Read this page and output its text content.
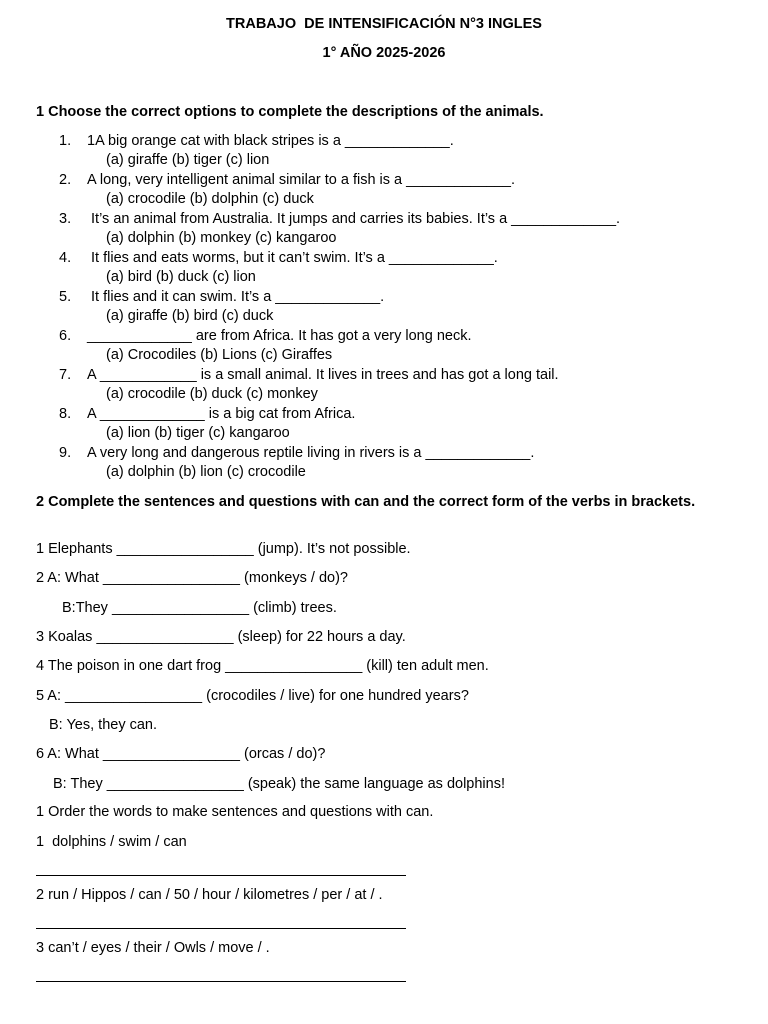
TRABAJO  DE INTENSIFICACIÓN N°3 INGLES
1° AÑO 2025-2026
1 Choose the correct options to complete the descriptions of the animals.
1.	1A big orange cat with black stripes is a _____________.
(a) giraffe (b) tiger (c) lion
2.	A long, very intelligent animal similar to a fish is a _____________.
(a) crocodile (b) dolphin (c) duck
3.	It’s an animal from Australia. It jumps and carries its babies. It’s a _____________.
(a) dolphin (b) monkey (c) kangaroo
4.	It flies and eats worms, but it can’t swim. It’s a _____________.
(a) bird (b) duck (c) lion
5.	It flies and it can swim. It’s a _____________.
(a) giraffe (b) bird (c) duck
6.	_____________ are from Africa. It has got a very long neck.
(a) Crocodiles (b) Lions (c) Giraffes
7.	A ____________ is a small animal. It lives in trees and has got a long tail.
(a) crocodile (b) duck (c) monkey
8.	A _____________ is a big cat from Africa.
(a) lion (b) tiger (c) kangaroo
9.	A very long and dangerous reptile living in rivers is a _____________.
(a) dolphin (b) lion (c) crocodile
2 Complete the sentences and questions with can and the correct form of the verbs in brackets.
1 Elephants _________________ (jump). It’s not possible.
2 A: What _________________ (monkeys / do)?
B:They _________________ (climb) trees.
3 Koalas _________________ (sleep) for 22 hours a day.
4 The poison in one dart frog _________________ (kill) ten adult men.
5 A: _________________ (crocodiles / live) for one hundred years?
B: Yes, they can.
6 A: What _________________ (orcas / do)?
B: They _________________ (speak) the same language as dolphins!
1 Order the words to make sentences and questions with can.
1  dolphins / swim / can
2 run / Hippos / can / 50 / hour / kilometres / per / at / .
3 can’t / eyes / their / Owls / move / .
